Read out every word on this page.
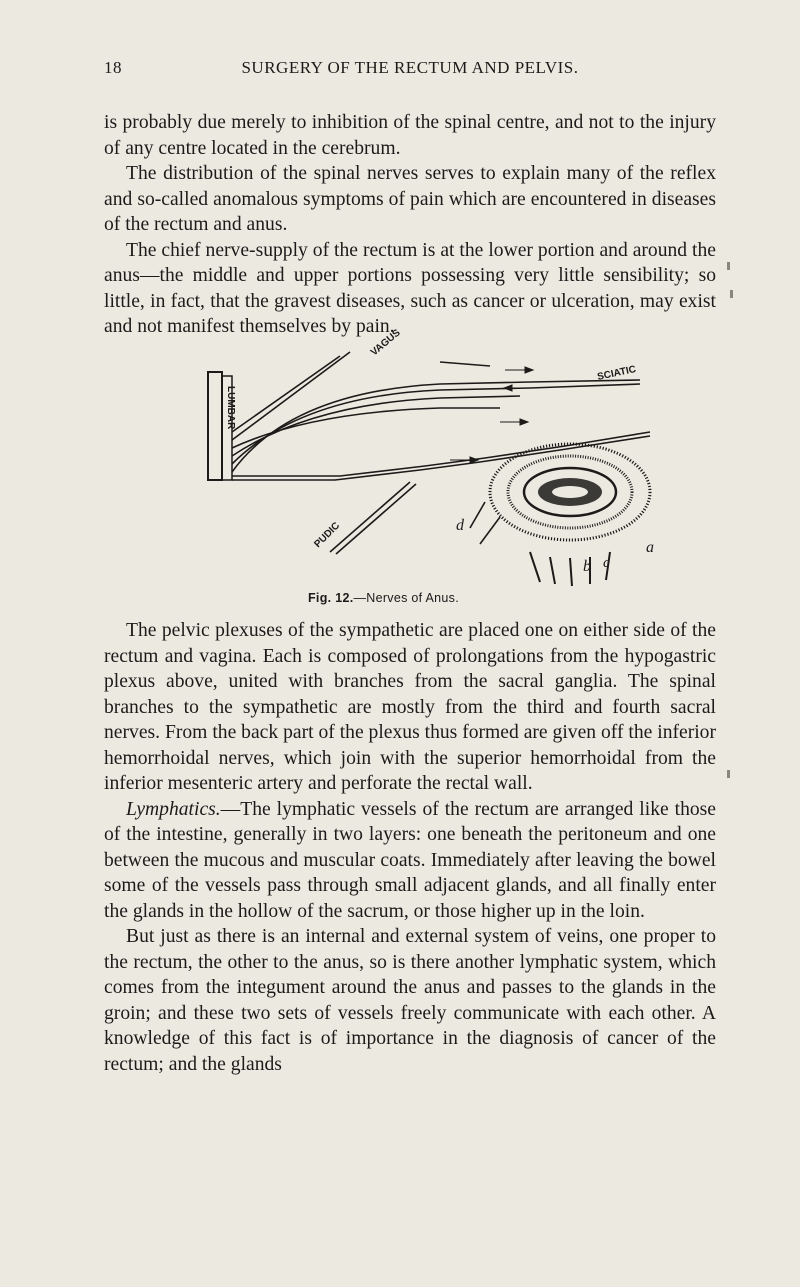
18	SURGERY OF THE RECTUM AND PELVIS.

is probably due merely to inhibition of the spinal centre, and not to the injury of any centre located in the cerebrum.

The distribution of the spinal nerves serves to explain many of the reflex and so-called anomalous symptoms of pain which are encountered in diseases of the rectum and anus.

The chief nerve-supply of the rectum is at the lower portion and around the anus—the middle and upper portions possessing very little sensibility; so little, in fact, that the gravest diseases, such as cancer or ulceration, may exist and not manifest themselves by pain.

LUMBAR
VAGUS
SCIATIC
PUDIC	d
a
b c
Fig. 12.—Nerves of Anus.

The pelvic plexuses of the sympathetic are placed one on either side of the rectum and vagina. Each is composed of prolongations from the hypogastric plexus above, united with branches from the sacral ganglia. The spinal branches to the sympathetic are mostly from the third and fourth sacral nerves. From the back part of the plexus thus formed are given off the inferior hemorrhoidal nerves, which join with the superior hemorrhoidal from the inferior mesenteric artery and perforate the rectal wall.

Lymphatics.—The lymphatic vessels of the rectum are arranged like those of the intestine, generally in two layers: one beneath the peritoneum and one between the mucous and muscular coats. Immediately after leaving the bowel some of the vessels pass through small adjacent glands, and all finally enter the glands in the hollow of the sacrum, or those higher up in the loin.

But just as there is an internal and external system of veins, one proper to the rectum, the other to the anus, so is there another lymphatic system, which comes from the integument around the anus and passes to the glands in the groin; and these two sets of vessels freely communicate with each other. A knowledge of this fact is of importance in the diagnosis of cancer of the rectum; and the glands
